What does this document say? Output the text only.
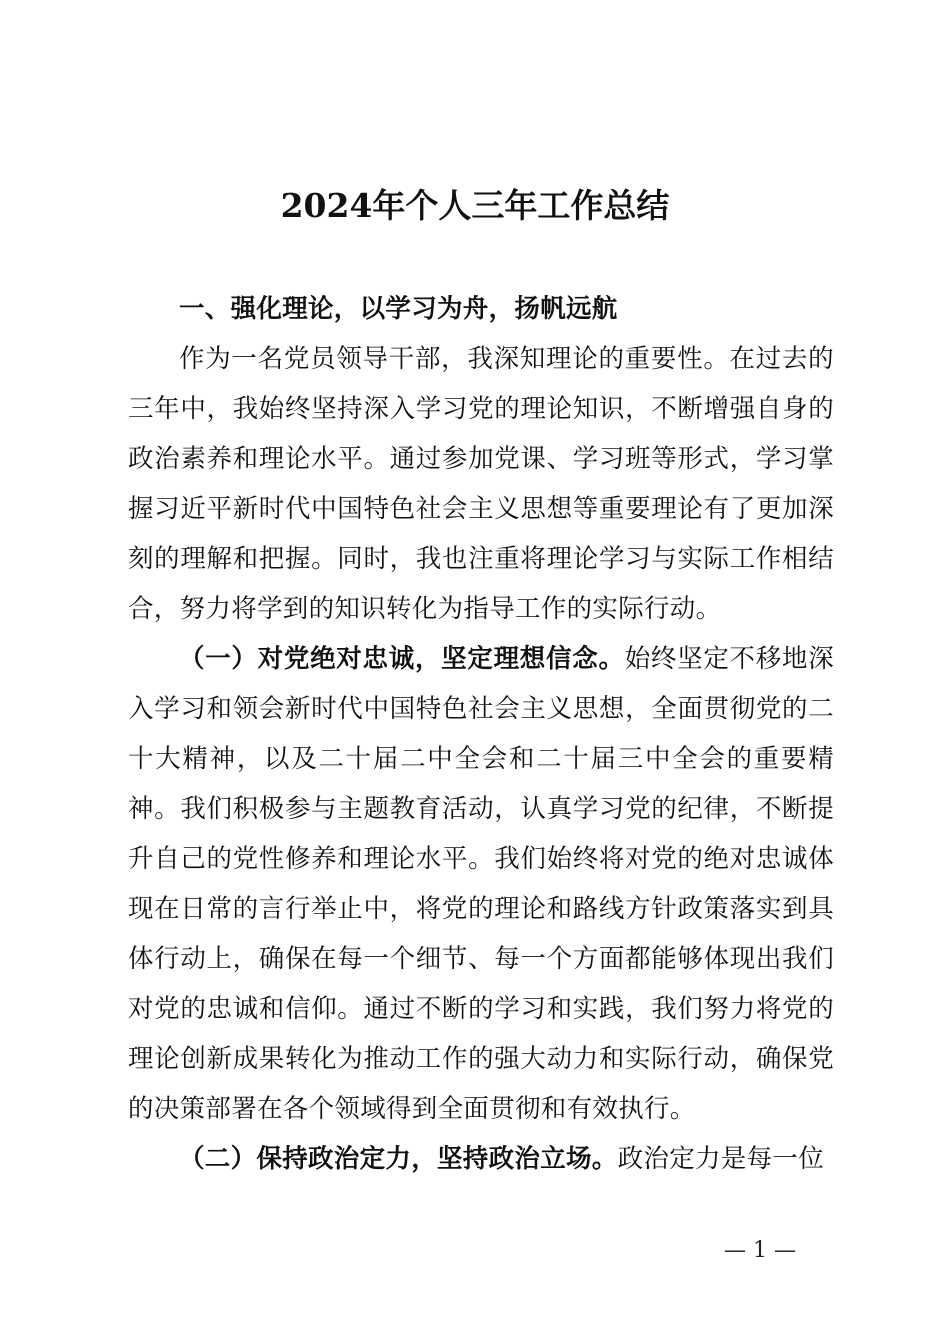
2024年个人三年工作总结

一、强化理论，以学习为舟，扬帆远航

作为一名党员领导干部，我深知理论的重要性。在过去的三年中，我始终坚持深入学习党的理论知识，不断增强自身的政治素养和理论水平。通过参加党课、学习班等形式，学习掌握习近平新时代中国特色社会主义思想等重要理论有了更加深刻的理解和把握。同时，我也注重将理论学习与实际工作相结合，努力将学到的知识转化为指导工作的实际行动。

（一）对党绝对忠诚，坚定理想信念。始终坚定不移地深入学习和领会新时代中国特色社会主义思想，全面贯彻党的二十大精神，以及二十届二中全会和二十届三中全会的重要精神。我们积极参与主题教育活动，认真学习党的纪律，不断提升自己的党性修养和理论水平。我们始终将对党的绝对忠诚体现在日常的言行举止中，将党的理论和路线方针政策落实到具体行动上，确保在每一个细节、每一个方面都能够体现出我们对党的忠诚和信仰。通过不断的学习和实践，我们努力将党的理论创新成果转化为推动工作的强大动力和实际行动，确保党的决策部署在各个领域得到全面贯彻和有效执行。

（二）保持政治定力，坚持政治立场。政治定力是每一位

— 1 —
